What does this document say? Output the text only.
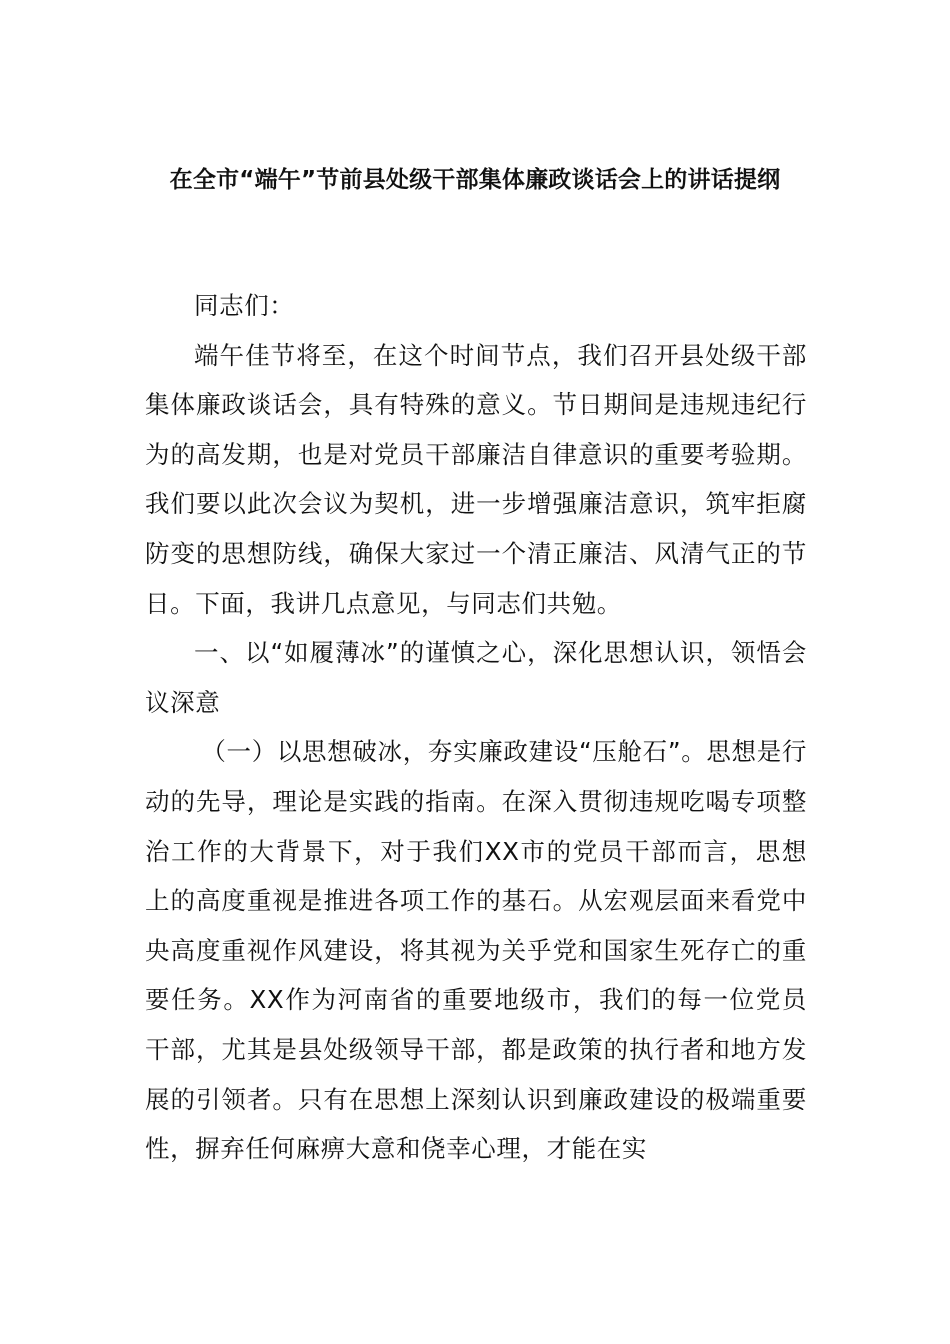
在全市“端午”节前县处级干部集体廉政谈话会上的讲话提纲

同志们：

端午佳节将至，在这个时间节点，我们召开县处级干部集体廉政谈话会，具有特殊的意义。节日期间是违规违纪行为的高发期，也是对党员干部廉洁自律意识的重要考验期。我们要以此次会议为契机，进一步增强廉洁意识，筑牢拒腐防变的思想防线，确保大家过一个清正廉洁、风清气正的节日。下面，我讲几点意见，与同志们共勉。

一、以“如履薄冰”的谨慎之心，深化思想认识，领悟会议深意

（一）以思想破冰，夯实廉政建设“压舱石”。思想是行动的先导，理论是实践的指南。在深入贯彻违规吃喝专项整治工作的大背景下，对于我们XX市的党员干部而言，思想上的高度重视是推进各项工作的基石。从宏观层面来看党中央高度重视作风建设，将其视为关乎党和国家生死存亡的重要任务。XX作为河南省的重要地级市，我们的每一位党员干部，尤其是县处级领导干部，都是政策的执行者和地方发展的引领者。只有在思想上深刻认识到廉政建设的极端重要性，摒弃任何麻痹大意和侥幸心理，才能在实
